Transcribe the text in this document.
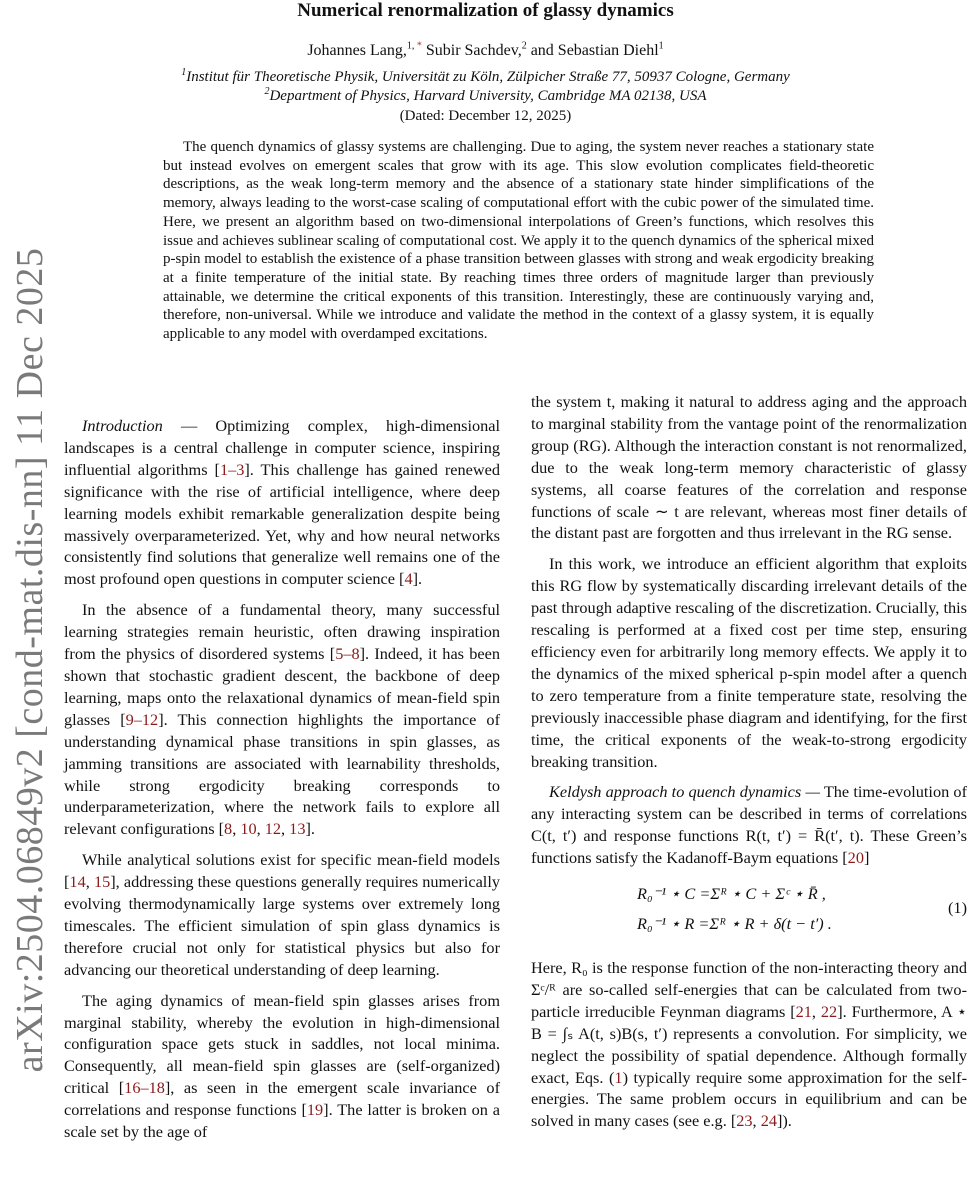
arXiv:2504.06849v2 [cond-mat.dis-nn] 11 Dec 2025
Numerical renormalization of glassy dynamics
Johannes Lang,$^{1,}$ * Subir Sachdev,$^2$ and Sebastian Diehl$^1$
$^1$Institut für Theoretische Physik, Universität zu Köln, Zülpicher Straße 77, 50937 Cologne, Germany
$^2$Department of Physics, Harvard University, Cambridge MA 02138, USA
(Dated: December 12, 2025)
The quench dynamics of glassy systems are challenging. Due to aging, the system never reaches a stationary state but instead evolves on emergent scales that grow with its age. This slow evolution complicates field-theoretic descriptions, as the weak long-term memory and the absence of a stationary state hinder simplifications of the memory, always leading to the worst-case scaling of computational effort with the cubic power of the simulated time. Here, we present an algorithm based on two-dimensional interpolations of Green’s functions, which resolves this issue and achieves sublinear scaling of computational cost. We apply it to the quench dynamics of the spherical mixed p-spin model to establish the existence of a phase transition between glasses with strong and weak ergodicity breaking at a finite temperature of the initial state. By reaching times three orders of magnitude larger than previously attainable, we determine the critical exponents of this transition. Interestingly, these are continuously varying and, therefore, non-universal. While we introduce and validate the method in the context of a glassy system, it is equally applicable to any model with overdamped excitations.

Introduction — Optimizing complex, high-dimensional landscapes is a central challenge in computer science, inspiring influential algorithms [1–3]. This challenge has gained renewed significance with the rise of artificial intelligence, where deep learning models exhibit remarkable generalization despite being massively overparameterized. Yet, why and how neural networks consistently find solutions that generalize well remains one of the most profound open questions in computer science [4].

In the absence of a fundamental theory, many successful learning strategies remain heuristic, often drawing inspiration from the physics of disordered systems [5–8]. Indeed, it has been shown that stochastic gradient descent, the backbone of deep learning, maps onto the relaxational dynamics of mean-field spin glasses [9–12]. This connection highlights the importance of understanding dynamical phase transitions in spin glasses, as jamming transitions are associated with learnability thresholds, while strong ergodicity breaking corresponds to underparameterization, where the network fails to explore all relevant configurations [8, 10, 12, 13].

While analytical solutions exist for specific mean-field models [14, 15], addressing these questions generally requires numerically evolving thermodynamically large systems over extremely long timescales. The efficient simulation of spin glass dynamics is therefore crucial not only for statistical physics but also for advancing our theoretical understanding of deep learning.

The aging dynamics of mean-field spin glasses arises from marginal stability, whereby the evolution in high-dimensional configuration space gets stuck in saddles, not local minima. Consequently, all mean-field spin glasses are (self-organized) critical [16–18], as seen in the emergent scale invariance of correlations and response functions [19]. The latter is broken on a scale set by the age of

the system t, making it natural to address aging and the approach to marginal stability from the vantage point of the renormalization group (RG). Although the interaction constant is not renormalized, due to the weak long-term memory characteristic of glassy systems, all coarse features of the correlation and response functions of scale ∼ t are relevant, whereas most finer details of the distant past are forgotten and thus irrelevant in the RG sense.

In this work, we introduce an efficient algorithm that exploits this RG flow by systematically discarding irrelevant details of the past through adaptive rescaling of the discretization. Crucially, this rescaling is performed at a fixed cost per time step, ensuring efficiency even for arbitrarily long memory effects. We apply it to the dynamics of the mixed spherical p-spin model after a quench to zero temperature from a finite temperature state, resolving the previously inaccessible phase diagram and identifying, for the first time, the critical exponents of the weak-to-strong ergodicity breaking transition.

Keldysh approach to quench dynamics — The time-evolution of any interacting system can be described in terms of correlations C(t, t′) and response functions R(t, t′) = R̄(t′, t). These Green’s functions satisfy the Kadanoff-Baym equations [20]

R₀⁻¹ ⋆ C =Σᴿ ⋆ C + Σᶜ ⋆ R̄ ,
R₀⁻¹ ⋆ R =Σᴿ ⋆ R + δ(t − t′) .
(1)

Here, R₀ is the response function of the non-interacting theory and Σᶜ/ᴿ are so-called self-energies that can be calculated from two-particle irreducible Feynman diagrams [21, 22]. Furthermore, A ⋆ B = ∫ₛ A(t, s)B(s, t′) represents a convolution. For simplicity, we neglect the possibility of spatial dependence. Although formally exact, Eqs. (1) typically require some approximation for the self-energies. The same problem occurs in equilibrium and can be solved in many cases (see e.g. [23, 24]).
